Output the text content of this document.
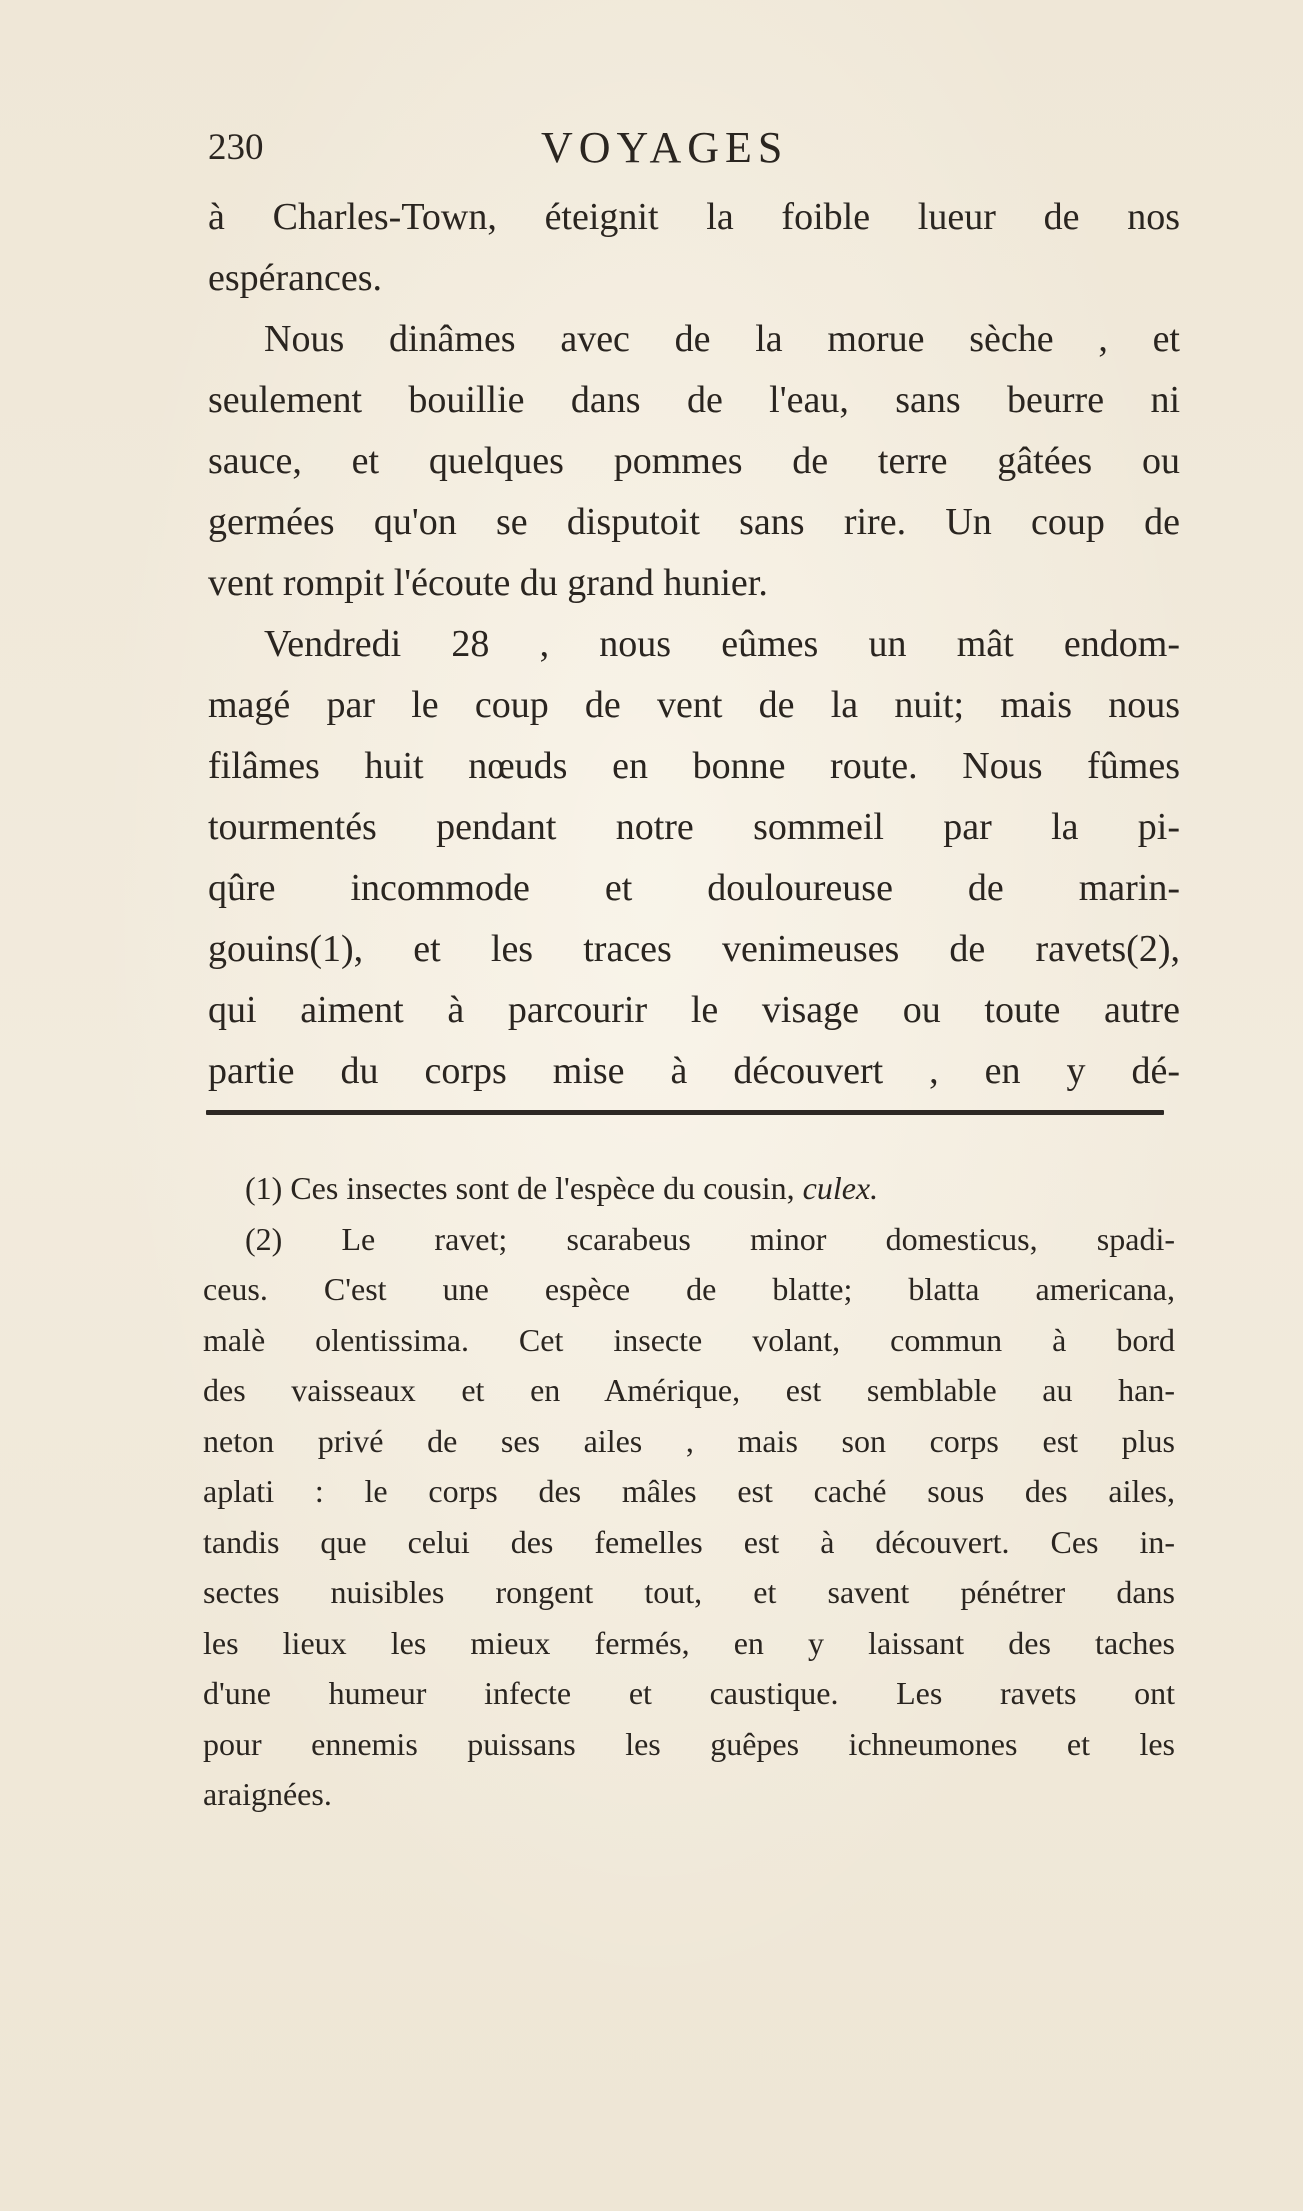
230	VOYAGES
à Charles-Town, éteignit la foible lueur de nos
espérances.
Nous dinâmes avec de la morue sèche , et
seulement bouillie dans de l'eau, sans beurre ni
sauce, et quelques pommes de terre gâtées ou
germées qu'on se disputoit sans rire. Un coup de
vent rompit l'écoute du grand hunier.
Vendredi 28 , nous eûmes un mât endom-
magé par le coup de vent de la nuit; mais nous
filâmes huit nœuds en bonne route. Nous fûmes
tourmentés pendant notre sommeil par la pi-
qûre incommode et douloureuse de marin-
gouins(1), et les traces venimeuses de ravets(2),
qui aiment à parcourir le visage ou toute autre
partie du corps mise à découvert , en y dé-
(1) Ces insectes sont de l'espèce du cousin, culex.
(2) Le ravet; scarabeus minor domesticus, spadi-
ceus. C'est une espèce de blatte; blatta americana,
malè olentissima. Cet insecte volant, commun à bord
des vaisseaux et en Amérique, est semblable au han-
neton privé de ses ailes , mais son corps est plus
aplati : le corps des mâles est caché sous des ailes,
tandis que celui des femelles est à découvert. Ces in-
sectes nuisibles rongent tout, et savent pénétrer dans
les lieux les mieux fermés, en y laissant des taches
d'une humeur infecte et caustique. Les ravets ont
pour ennemis puissans les guêpes ichneumones et les
araignées.
